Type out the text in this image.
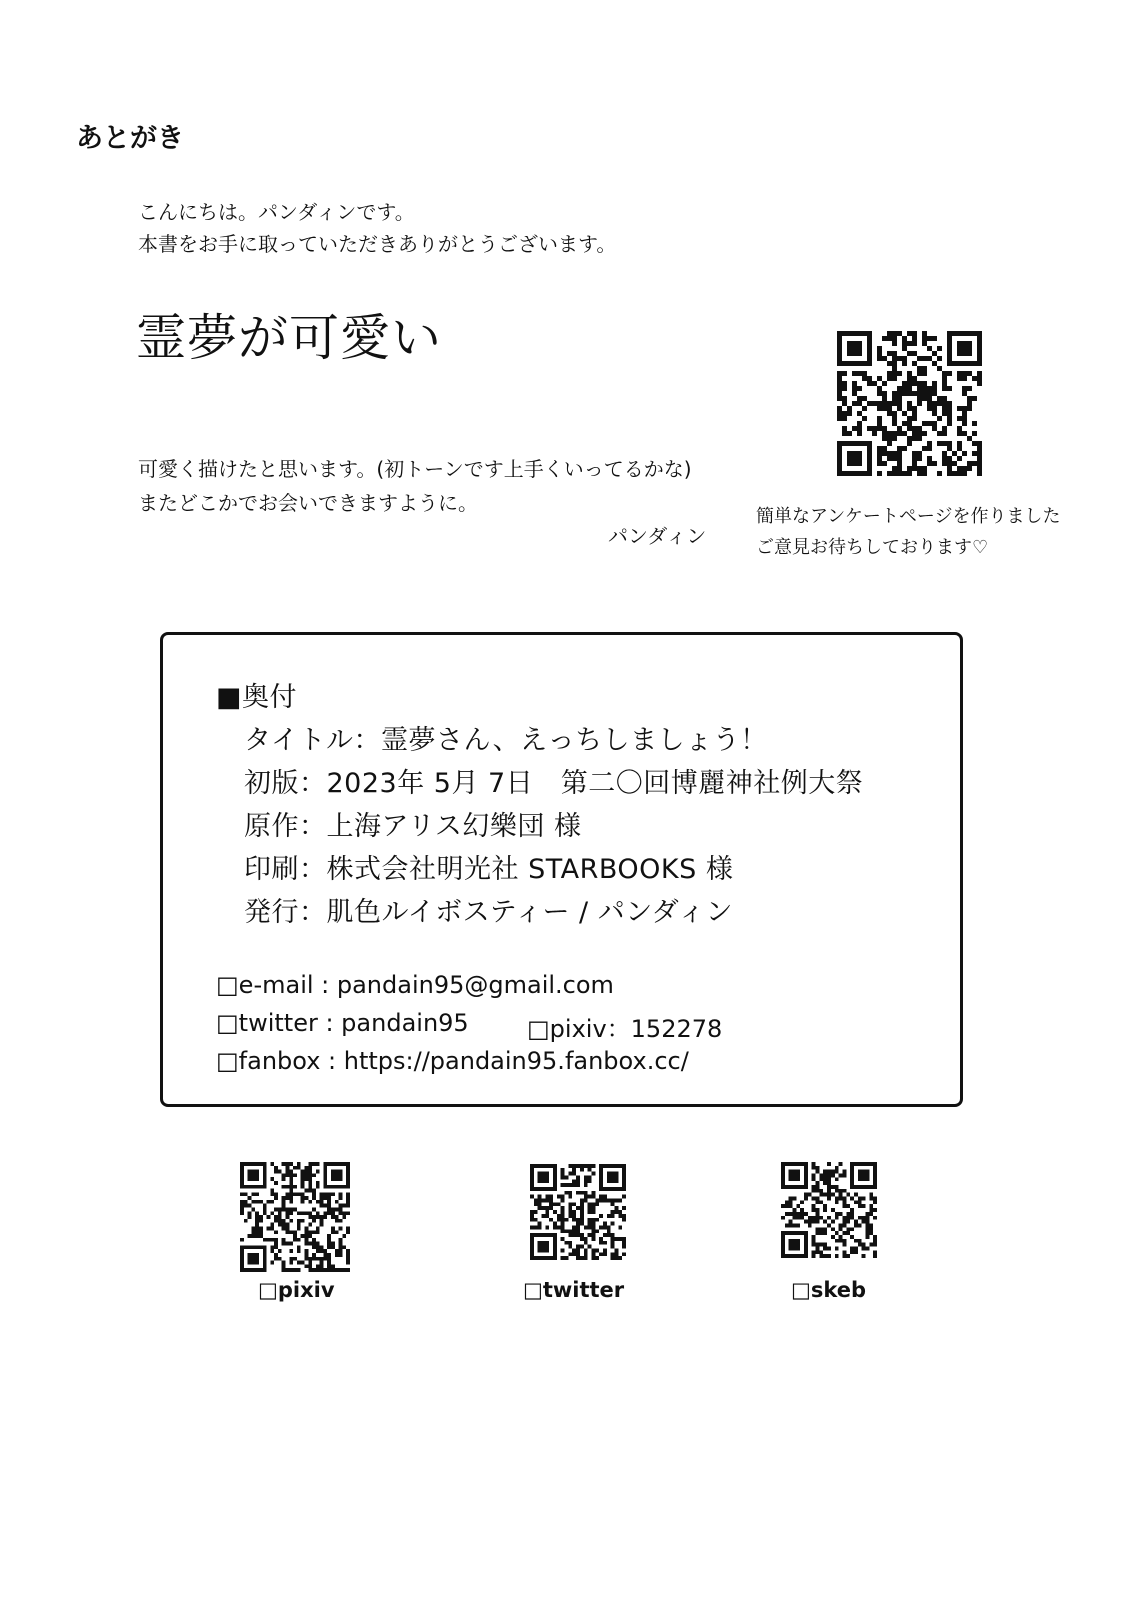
あとがき
こんにちは。パンダィンです。
本書をお手に取っていただきありがとうございます。
霊夢が可愛い
可愛く描けたと思います。(初トーンです上手くいってるかな)
またどこかでお会いできますように。
パンダィン
簡単なアンケートページを作りました
ご意見お待ちしております♡
■奥付
タイトル：霊夢さん、えっちしましょう！
初版：2023年 5月 7日　第二〇回博麗神社例大祭
原作：上海アリス幻樂団 様
印刷：株式会社明光社 STARBOOKS 様
発行：肌色ルイボスティー / パンダィン
□e-mail : pandain95@gmail.com
□twitter : pandain95 □pixiv：152278
□fanbox : https://pandain95.fanbox.cc/
□pixiv	□twitter	□skeb
